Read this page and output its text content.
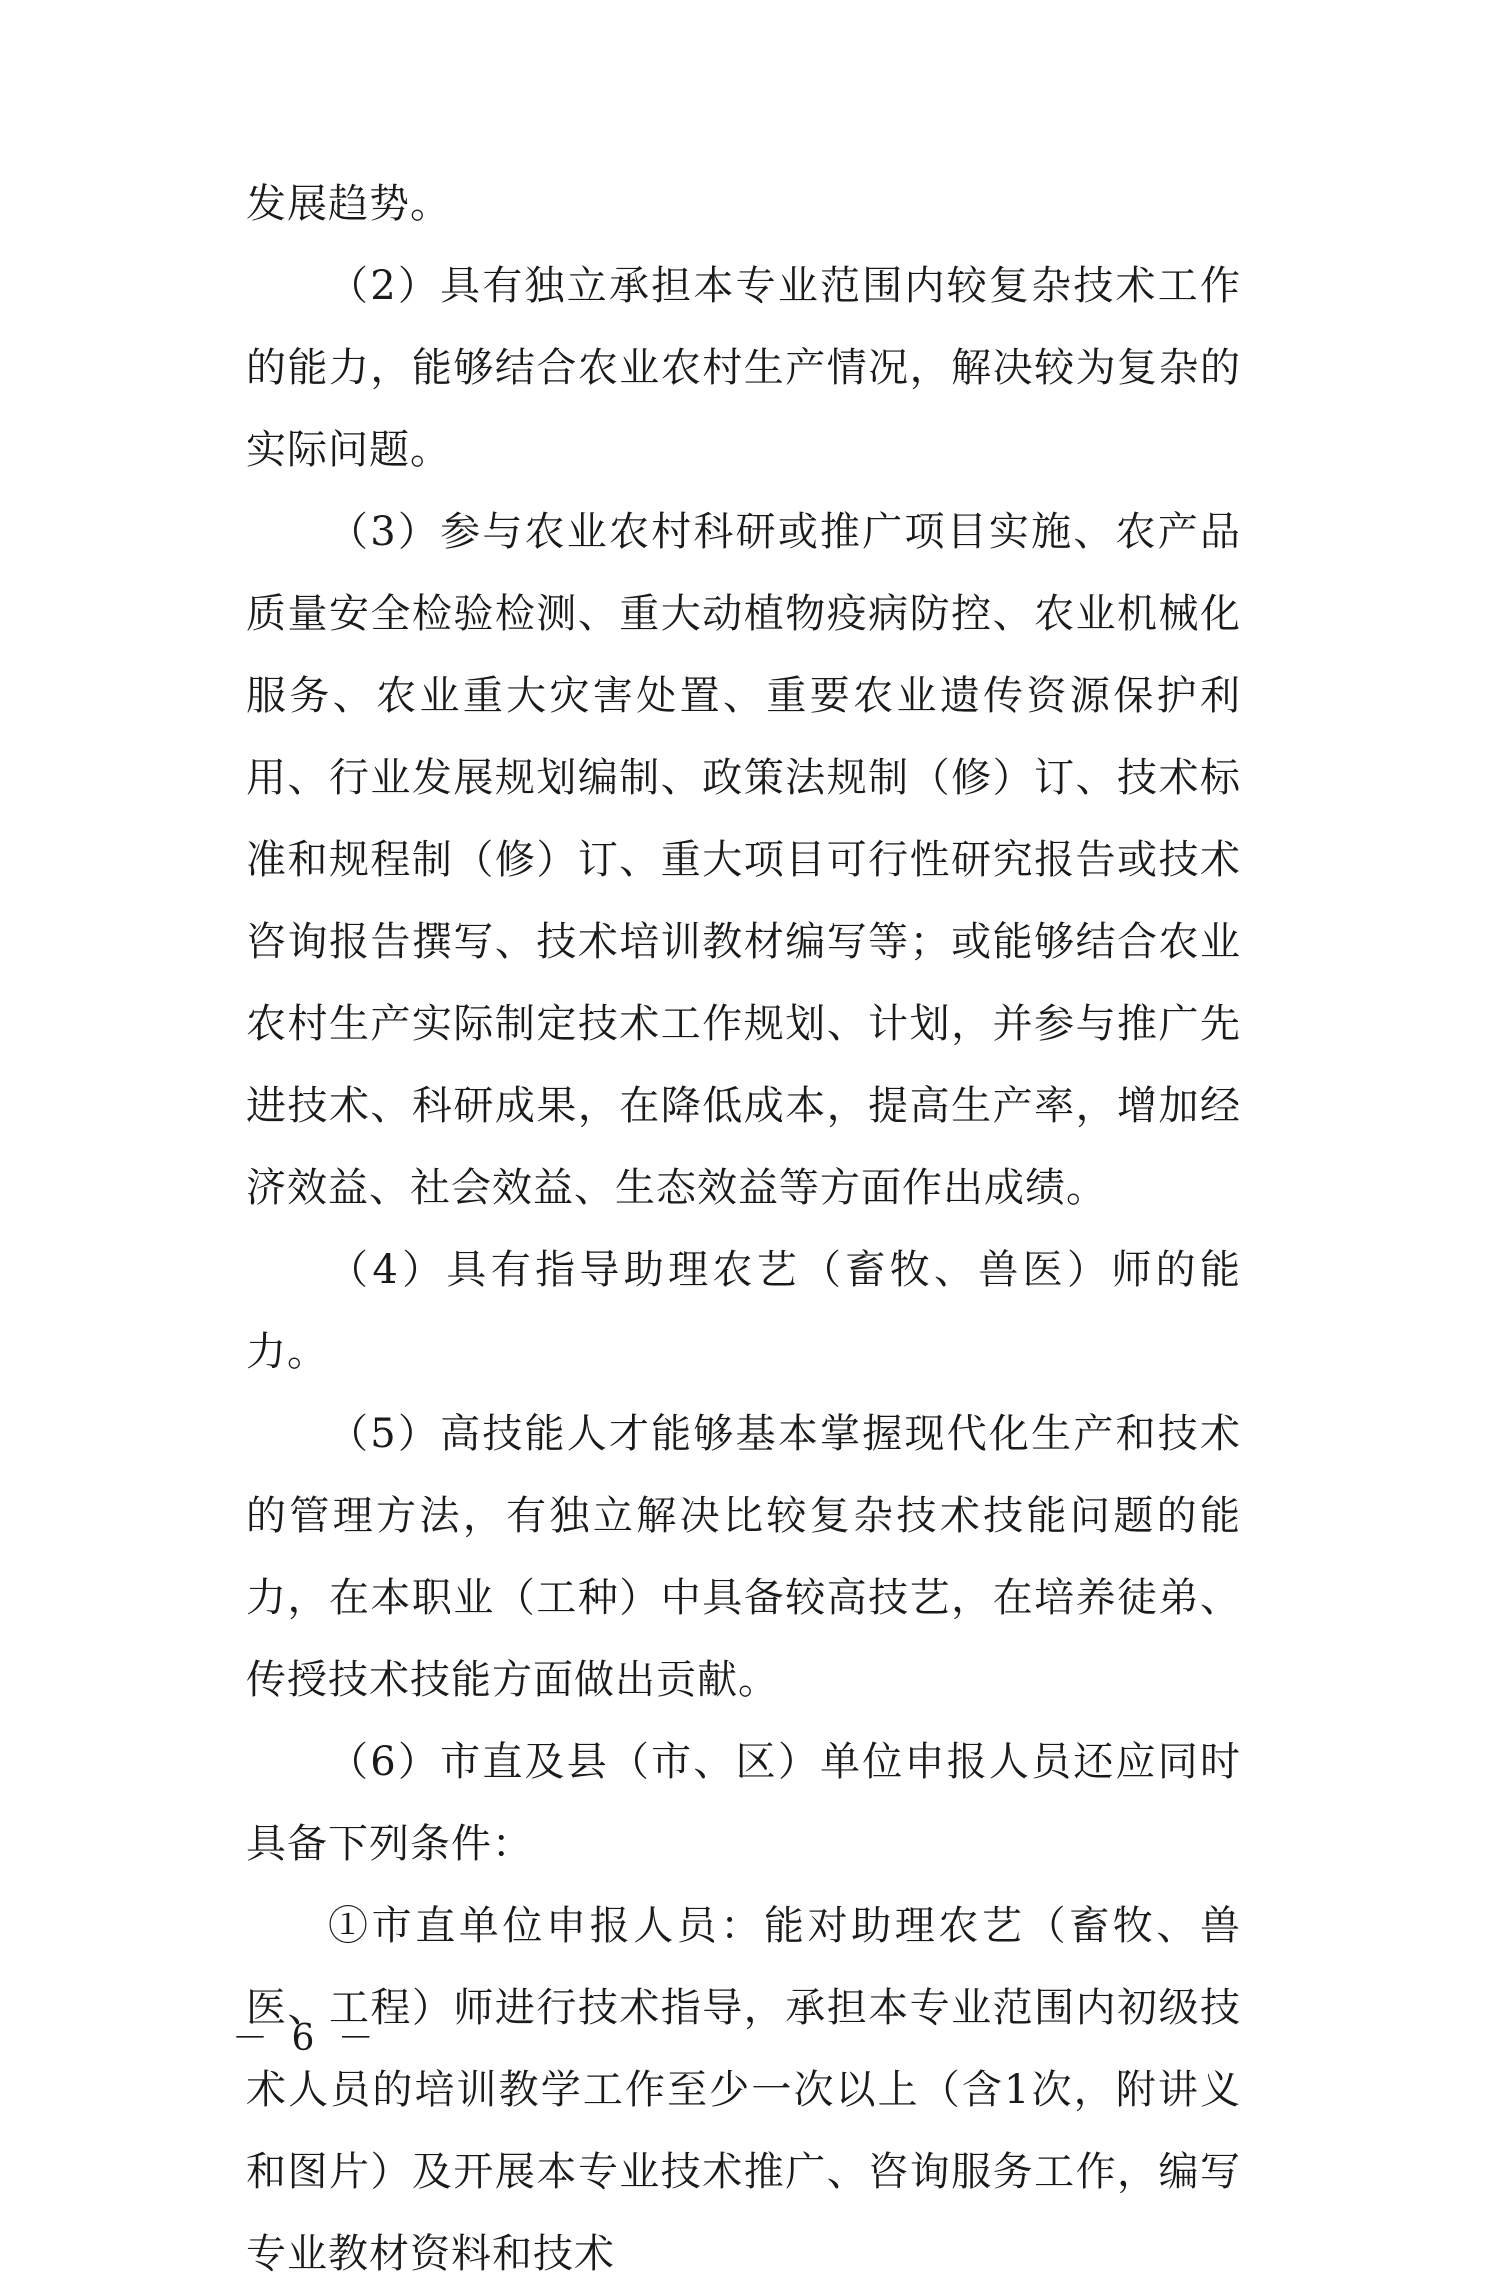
发展趋势。

（2）具有独立承担本专业范围内较复杂技术工作的能力，能够结合农业农村生产情况，解决较为复杂的实际问题。

（3）参与农业农村科研或推广项目实施、农产品质量安全检验检测、重大动植物疫病防控、农业机械化服务、农业重大灾害处置、重要农业遗传资源保护利用、行业发展规划编制、政策法规制（修）订、技术标准和规程制（修）订、重大项目可行性研究报告或技术咨询报告撰写、技术培训教材编写等；或能够结合农业农村生产实际制定技术工作规划、计划，并参与推广先进技术、科研成果，在降低成本，提高生产率，增加经济效益、社会效益、生态效益等方面作出成绩。

（4）具有指导助理农艺（畜牧、兽医）师的能力。

（5）高技能人才能够基本掌握现代化生产和技术的管理方法，有独立解决比较复杂技术技能问题的能力，在本职业（工种）中具备较高技艺，在培养徒弟、传授技术技能方面做出贡献。

（6）市直及县（市、区）单位申报人员还应同时具备下列条件：

①市直单位申报人员：能对助理农艺（畜牧、兽医、工程）师进行技术指导，承担本专业范围内初级技术人员的培训教学工作至少一次以上（含1次，附讲义和图片）及开展本专业技术推广、咨询服务工作，编写专业教材资料和技术

－ 6 －
